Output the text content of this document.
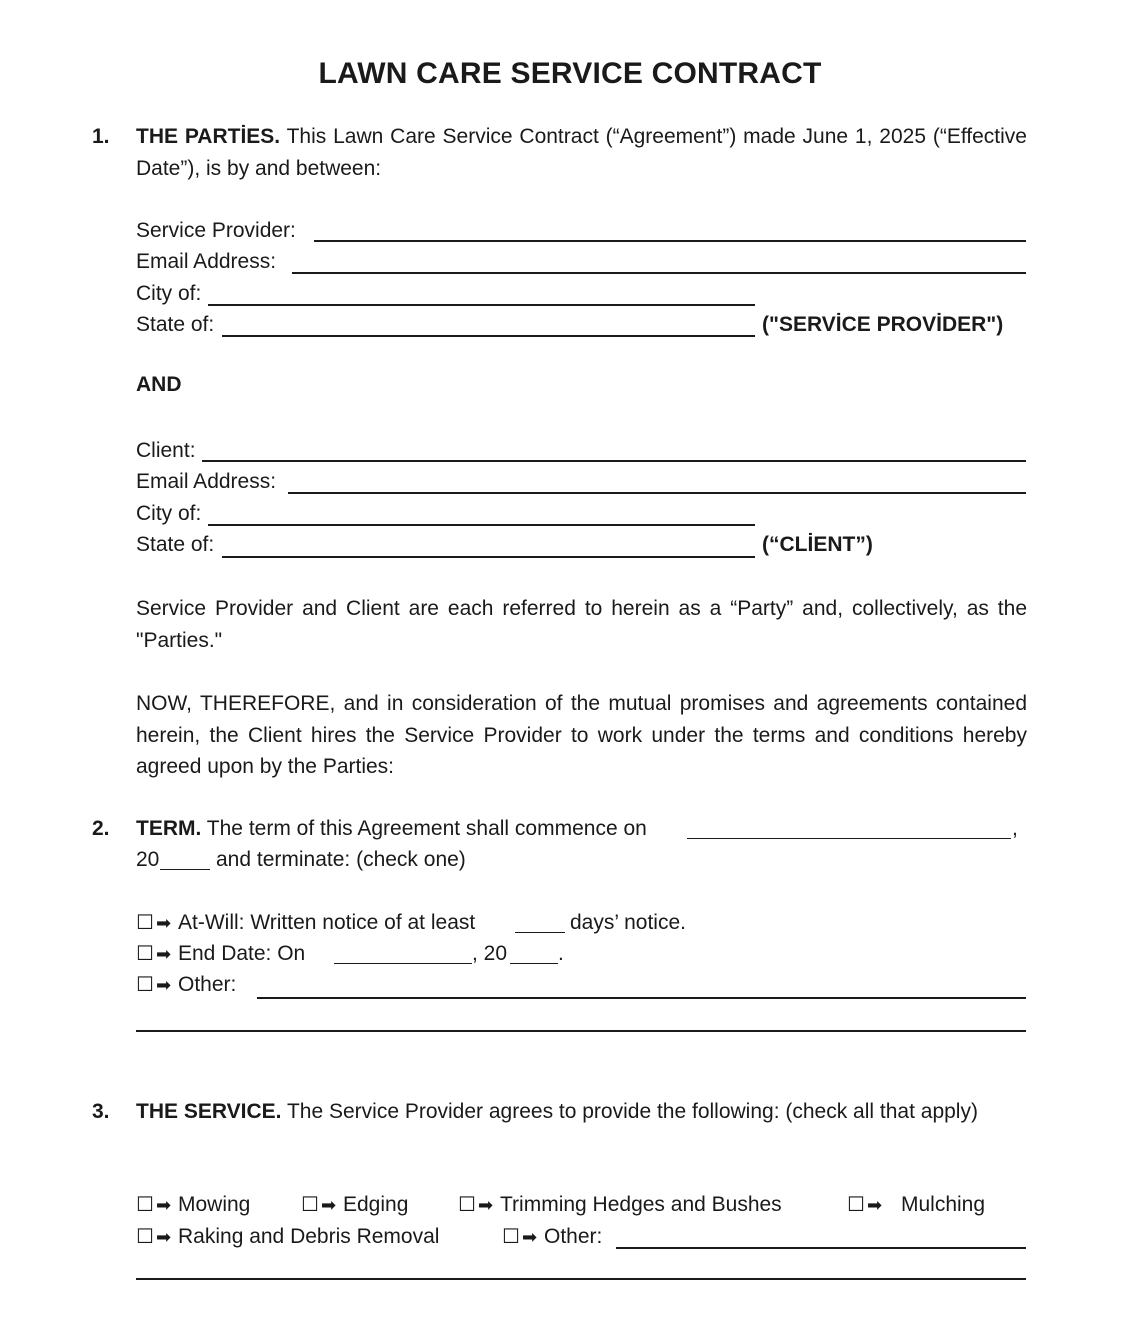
LAWN CARE SERVICE CONTRACT
1. THE PARTİES. This Lawn Care Service Contract (“Agreement”) made June 1, 2025 (“Effective Date”), is by and between:
Service Provider:
Email Address:
City of:
State of:	("SERVİCE PROVİDER")
AND
Client:
Email Address:
City of:
State of:	(“CLİENT”)
Service Provider and Client are each referred to herein as a “Party” and, collectively, as the "Parties."
NOW, THEREFORE, and in consideration of the mutual promises and agreements contained herein, the Client hires the Service Provider to work under the terms and conditions hereby agreed upon by the Parties:
2. TERM. The term of this Agreement shall commence on	,
20	and terminate: (check one)
☐ ➡ At-Will: Written notice of at least	days’ notice.
☐ ➡ End Date: On	, 20 .
☐ ➡ Other:
3. THE SERVICE. The Service Provider agrees to provide the following: (check all that apply)
☐ ➡ Mowing	☐ ➡ Edging ☐ ➡ Trimming Hedges and Bushes	☐ ➡ Mulching
☐ ➡ Raking and Debris Removal	☐ ➡ Other:
